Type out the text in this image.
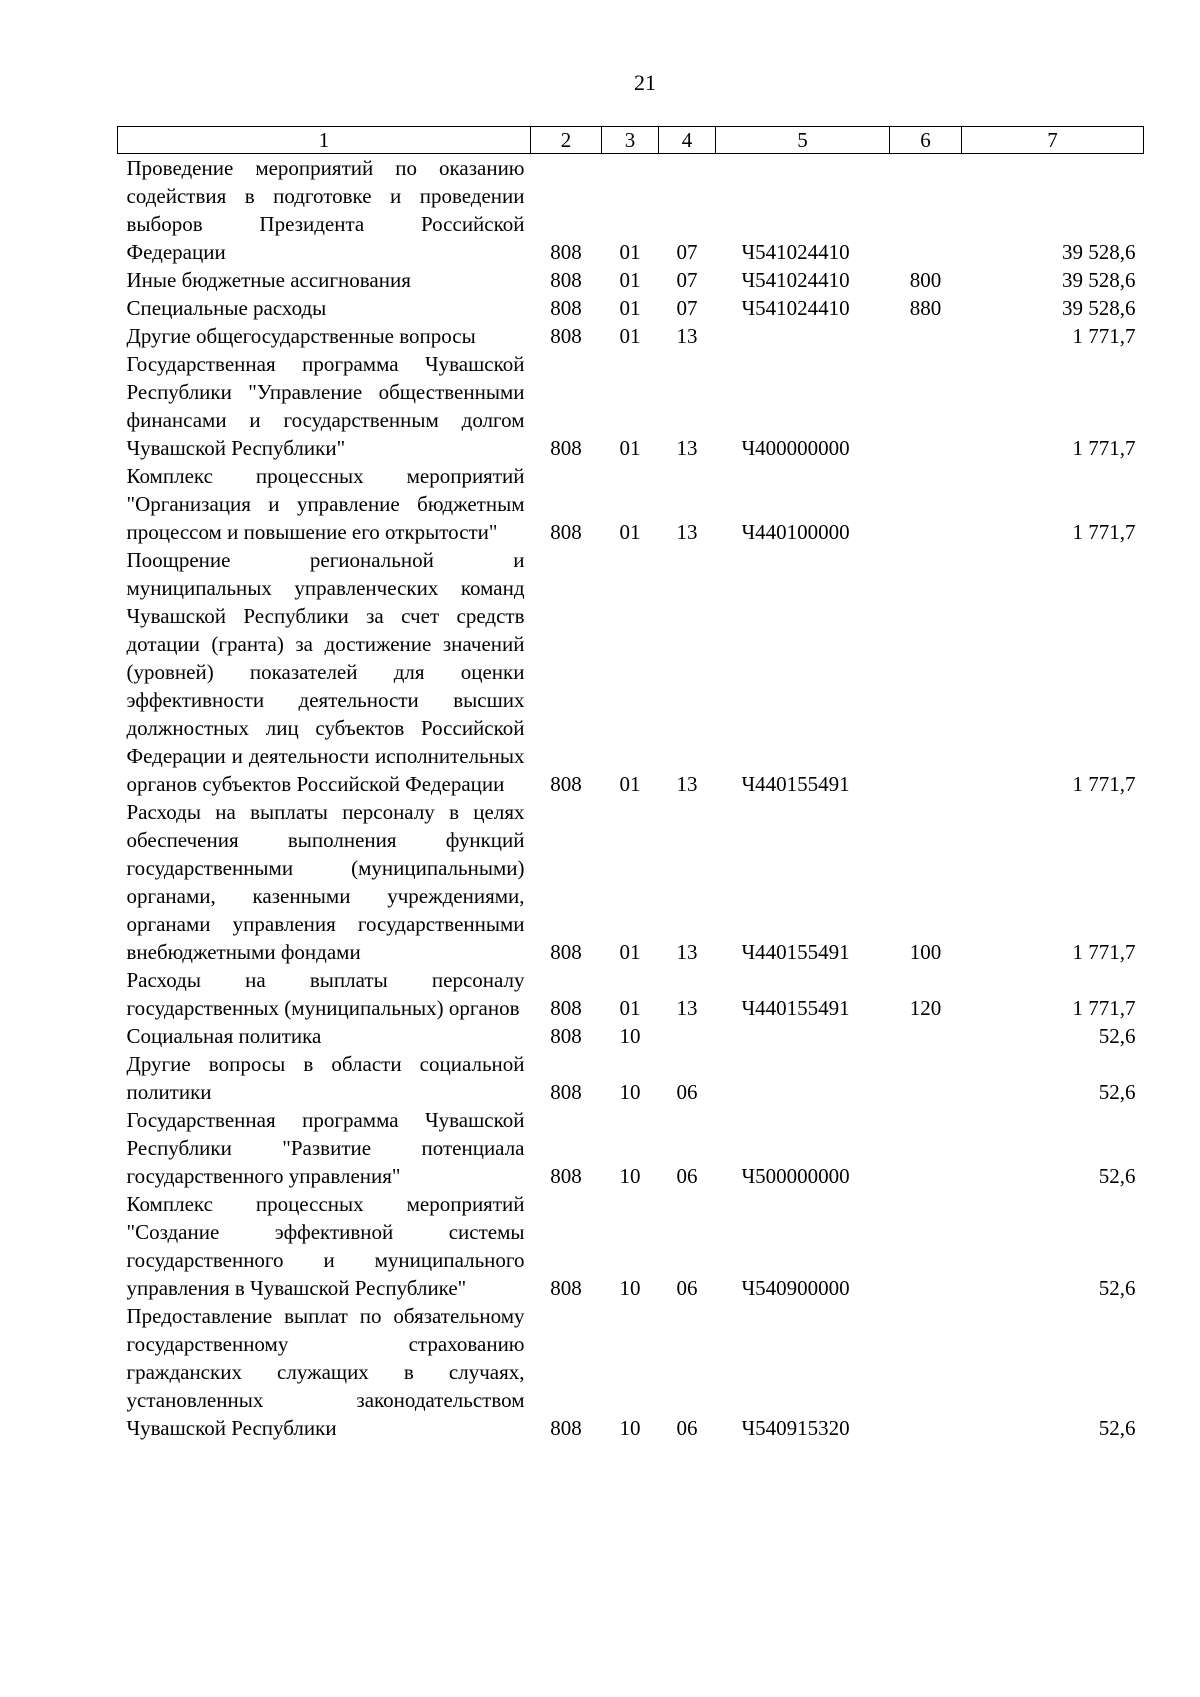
21
1	2	3	4	5	6	7
Проведение мероприятий по оказанию содействия в подготовке и проведении выборов Президента Российской Федерации	808	01	07	Ч541024410		39 528,6
Иные бюджетные ассигнования	808	01	07	Ч541024410	800	39 528,6
Специальные расходы	808	01	07	Ч541024410	880	39 528,6
Другие общегосударственные вопросы	808	01	13			1 771,7
Государственная программа Чувашской Республики "Управление общественными финансами и государственным долгом Чувашской Республики"	808	01	13	Ч400000000		1 771,7
Комплекс процессных мероприятий "Организация и управление бюджетным процессом и повышение его открытости"	808	01	13	Ч440100000		1 771,7
Поощрение региональной и муниципальных управленческих команд Чувашской Республики за счет средств дотации (гранта) за достижение значений (уровней) показателей для оценки эффективности деятельности высших должностных лиц субъектов Российской Федерации и деятельности исполнительных органов субъектов Российской Федерации	808	01	13	Ч440155491		1 771,7
Расходы на выплаты персоналу в целях обеспечения выполнения функций государственными (муниципальными) органами, казенными учреждениями, органами управления государственными внебюджетными фондами	808	01	13	Ч440155491	100	1 771,7
Расходы на выплаты персоналу государственных (муниципальных) органов	808	01	13	Ч440155491	120	1 771,7
Социальная политика	808	10				52,6
Другие вопросы в области социальной политики	808	10	06			52,6
Государственная программа Чувашской Республики "Развитие потенциала государственного управления"	808	10	06	Ч500000000		52,6
Комплекс процессных мероприятий "Создание эффективной системы государственного и муниципального управления в Чувашской Республике"	808	10	06	Ч540900000		52,6
Предоставление выплат по обязательному государственному страхованию гражданских служащих в случаях, установленных законодательством Чувашской Республики	808	10	06	Ч540915320		52,6
